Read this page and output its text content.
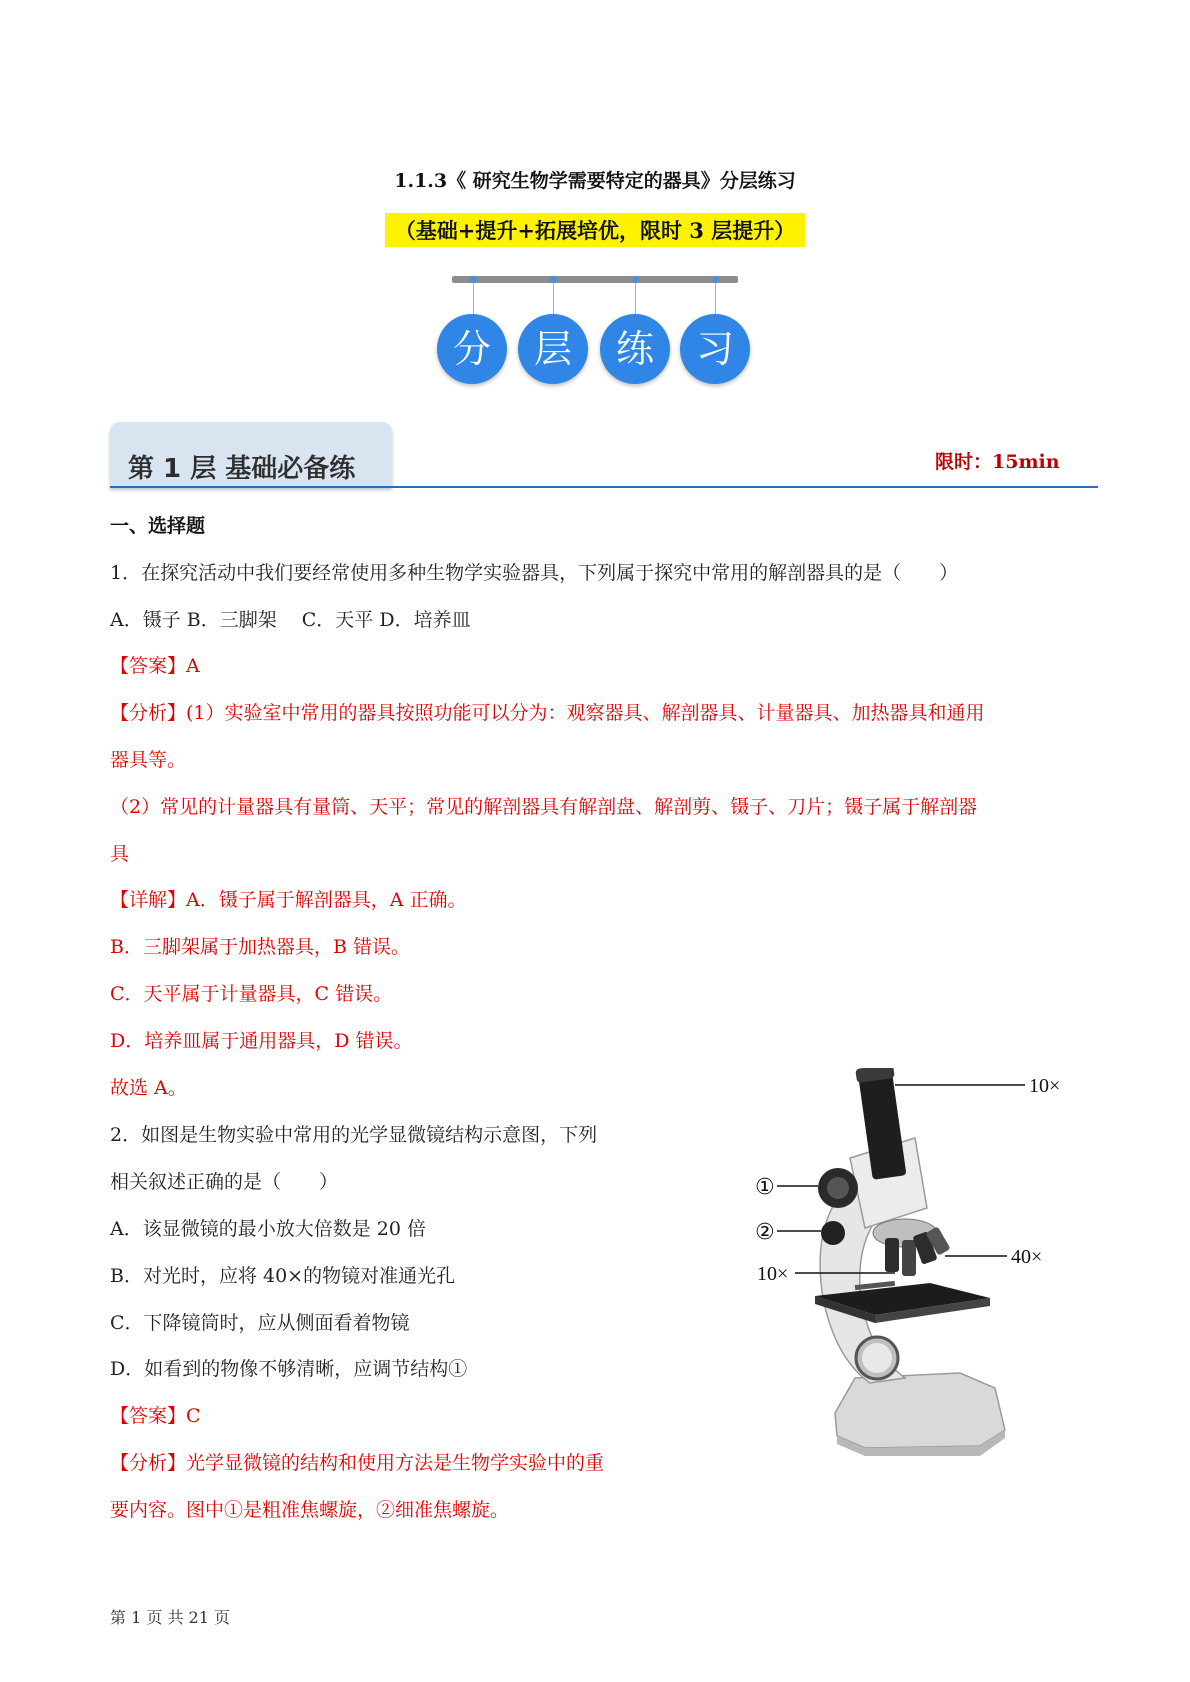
1.1.3《 研究生物学需要特定的器具》分层练习
（基础+提升+拓展培优，限时 3 层提升）
分	层	练	习
第 1 层 基础必备练	限时：15min
一、选择题
1．在探究活动中我们要经常使用多种生物学实验器具，下列属于探究中常用的解剖器具的是（　　）
A．镊子 B．三脚架　 C．天平 D．培养皿
【答案】A
【分析】(1）实验室中常用的器具按照功能可以分为：观察器具、解剖器具、计量器具、加热器具和通用
器具等。
（2）常见的计量器具有量筒、天平；常见的解剖器具有解剖盘、解剖剪、镊子、刀片；镊子属于解剖器
具
【详解】A．镊子属于解剖器具，A 正确。
B．三脚架属于加热器具，B 错误。
C．天平属于计量器具，C 错误。
D．培养皿属于通用器具，D 错误。
故选 A。
2．如图是生物实验中常用的光学显微镜结构示意图，下列
相关叙述正确的是（　　）
A．该显微镜的最小放大倍数是 20 倍
B．对光时，应将 40×的物镜对准通光孔
C．下降镜筒时，应从侧面看着物镜
D．如看到的物像不够清晰，应调节结构①
【答案】C
【分析】光学显微镜的结构和使用方法是生物学实验中的重
要内容。图中①是粗准焦螺旋，②细准焦螺旋。
10×
①
②
40×
10×
第 1 页 共 21 页
